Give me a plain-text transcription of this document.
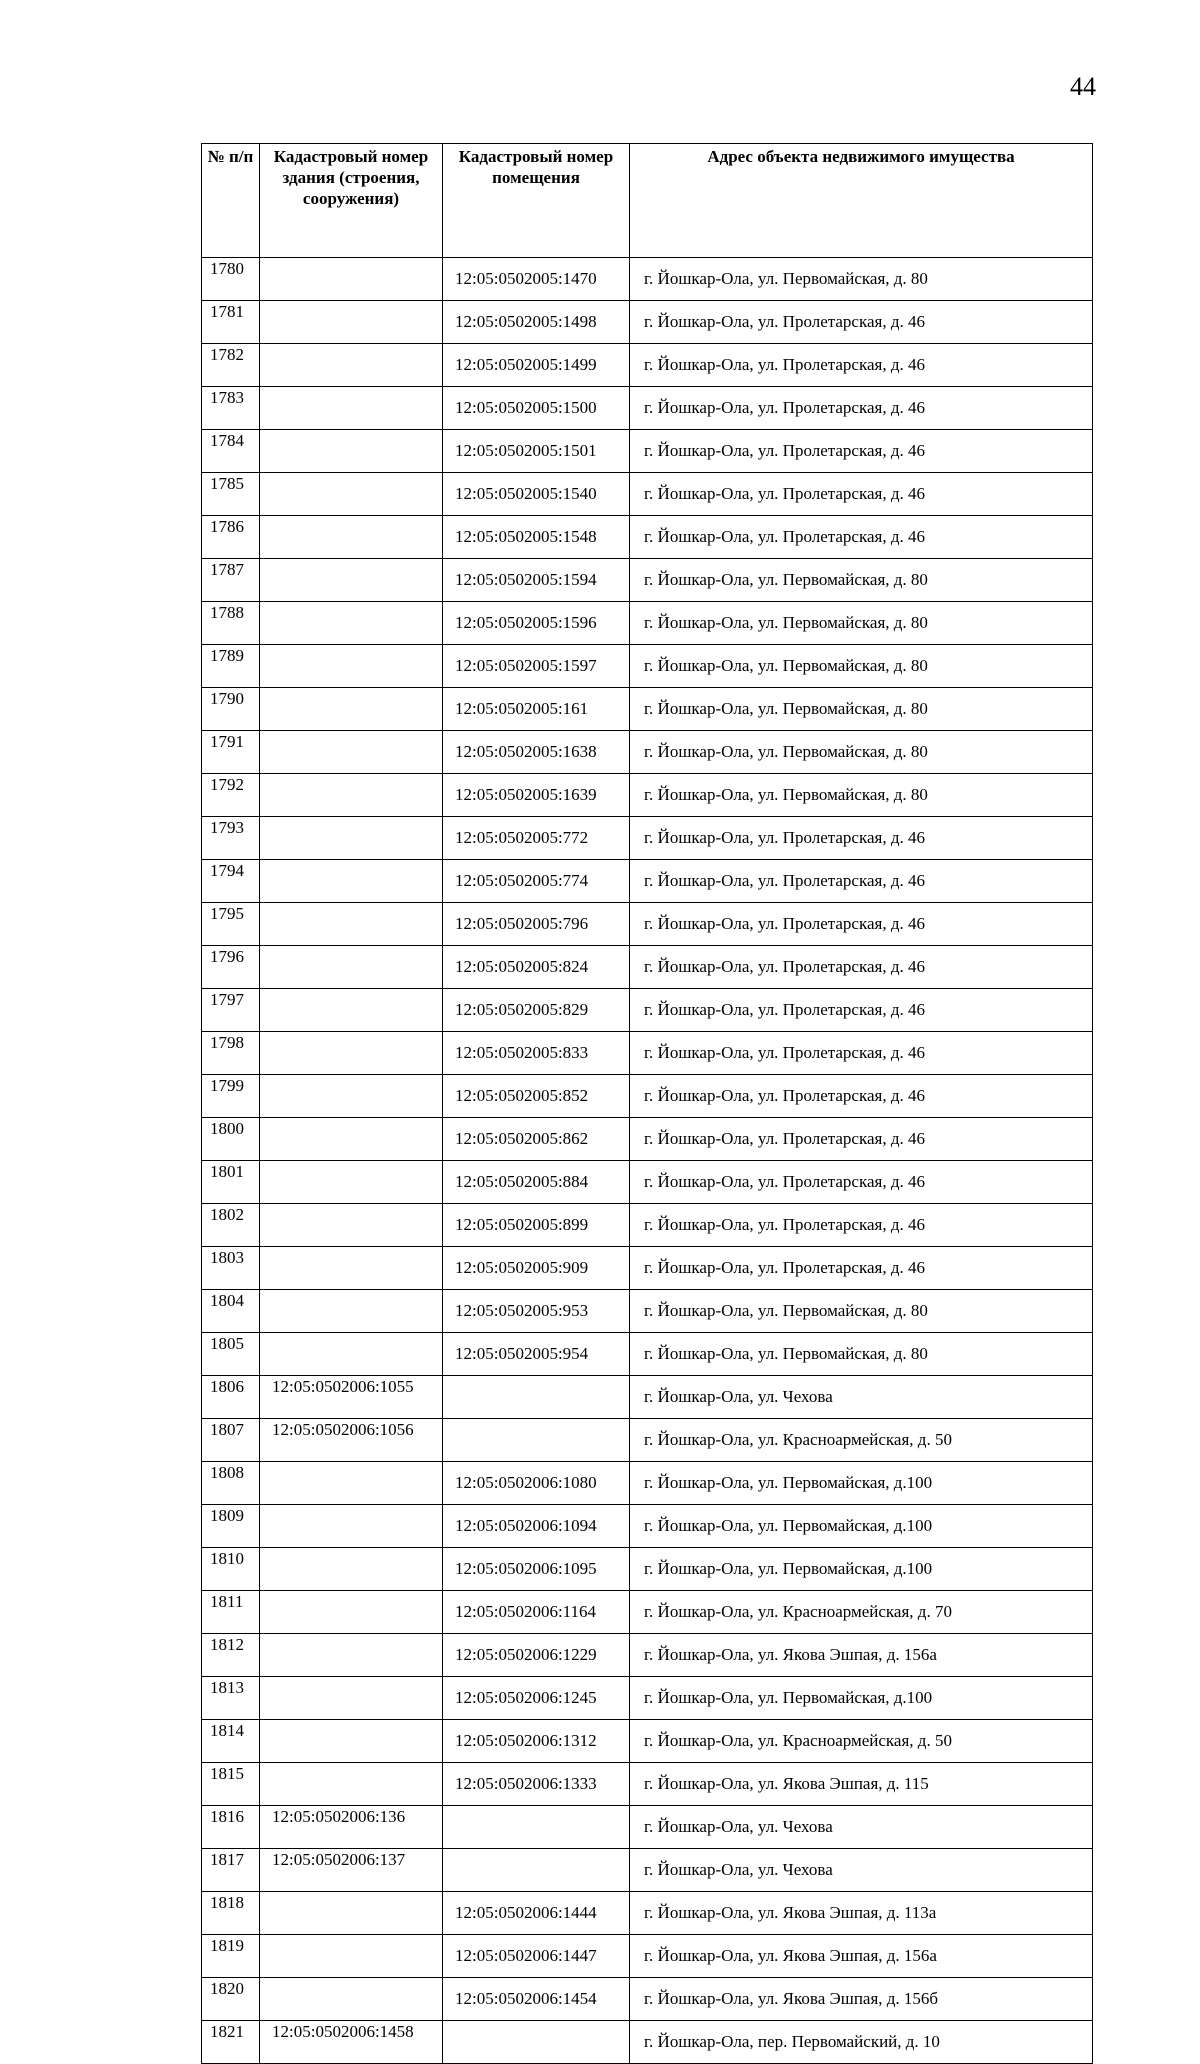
44
№ п/п	Кадастровый номер здания (строения, сооружения)	Кадастровый номер помещения	Адрес объекта недвижимого имущества
1780		12:05:0502005:1470	г. Йошкар-Ола, ул. Первомайская, д. 80
1781		12:05:0502005:1498	г. Йошкар-Ола, ул. Пролетарская, д. 46
1782		12:05:0502005:1499	г. Йошкар-Ола, ул. Пролетарская, д. 46
1783		12:05:0502005:1500	г. Йошкар-Ола, ул. Пролетарская, д. 46
1784		12:05:0502005:1501	г. Йошкар-Ола, ул. Пролетарская, д. 46
1785		12:05:0502005:1540	г. Йошкар-Ола, ул. Пролетарская, д. 46
1786		12:05:0502005:1548	г. Йошкар-Ола, ул. Пролетарская, д. 46
1787		12:05:0502005:1594	г. Йошкар-Ола, ул. Первомайская, д. 80
1788		12:05:0502005:1596	г. Йошкар-Ола, ул. Первомайская, д. 80
1789		12:05:0502005:1597	г. Йошкар-Ола, ул. Первомайская, д. 80
1790		12:05:0502005:161	г. Йошкар-Ола, ул. Первомайская, д. 80
1791		12:05:0502005:1638	г. Йошкар-Ола, ул. Первомайская, д. 80
1792		12:05:0502005:1639	г. Йошкар-Ола, ул. Первомайская, д. 80
1793		12:05:0502005:772	г. Йошкар-Ола, ул. Пролетарская, д. 46
1794		12:05:0502005:774	г. Йошкар-Ола, ул. Пролетарская, д. 46
1795		12:05:0502005:796	г. Йошкар-Ола, ул. Пролетарская, д. 46
1796		12:05:0502005:824	г. Йошкар-Ола, ул. Пролетарская, д. 46
1797		12:05:0502005:829	г. Йошкар-Ола, ул. Пролетарская, д. 46
1798		12:05:0502005:833	г. Йошкар-Ола, ул. Пролетарская, д. 46
1799		12:05:0502005:852	г. Йошкар-Ола, ул. Пролетарская, д. 46
1800		12:05:0502005:862	г. Йошкар-Ола, ул. Пролетарская, д. 46
1801		12:05:0502005:884	г. Йошкар-Ола, ул. Пролетарская, д. 46
1802		12:05:0502005:899	г. Йошкар-Ола, ул. Пролетарская, д. 46
1803		12:05:0502005:909	г. Йошкар-Ола, ул. Пролетарская, д. 46
1804		12:05:0502005:953	г. Йошкар-Ола, ул. Первомайская, д. 80
1805		12:05:0502005:954	г. Йошкар-Ола, ул. Первомайская, д. 80
1806	12:05:0502006:1055		г. Йошкар-Ола, ул. Чехова
1807	12:05:0502006:1056		г. Йошкар-Ола, ул. Красноармейская, д. 50
1808		12:05:0502006:1080	г. Йошкар-Ола, ул. Первомайская, д.100
1809		12:05:0502006:1094	г. Йошкар-Ола, ул. Первомайская, д.100
1810		12:05:0502006:1095	г. Йошкар-Ола, ул. Первомайская, д.100
1811		12:05:0502006:1164	г. Йошкар-Ола, ул. Красноармейская, д. 70
1812		12:05:0502006:1229	г. Йошкар-Ола, ул. Якова Эшпая, д. 156а
1813		12:05:0502006:1245	г. Йошкар-Ола, ул. Первомайская, д.100
1814		12:05:0502006:1312	г. Йошкар-Ола, ул. Красноармейская, д. 50
1815		12:05:0502006:1333	г. Йошкар-Ола, ул. Якова Эшпая, д. 115
1816	12:05:0502006:136		г. Йошкар-Ола, ул. Чехова
1817	12:05:0502006:137		г. Йошкар-Ола, ул. Чехова
1818		12:05:0502006:1444	г. Йошкар-Ола, ул. Якова Эшпая, д. 113а
1819		12:05:0502006:1447	г. Йошкар-Ола, ул. Якова Эшпая, д. 156а
1820		12:05:0502006:1454	г. Йошкар-Ола, ул. Якова Эшпая, д. 156б
1821	12:05:0502006:1458		г. Йошкар-Ола, пер. Первомайский, д. 10
